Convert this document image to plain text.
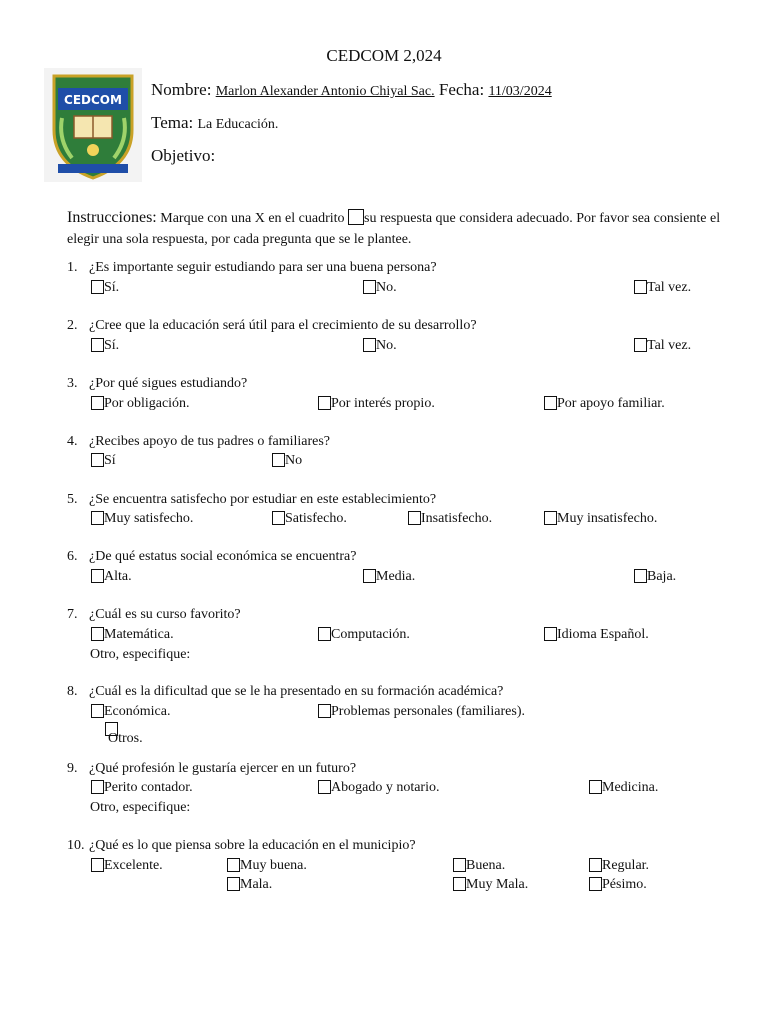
CEDCOM 2,024
CEDCOM
Nombre: Marlon Alexander Antonio Chiyal Sac. Fecha: 11/03/2024
Tema: La Educación.
Objetivo:
Instrucciones: Marque con una X en el cuadrito su respuesta que considera adecuado. Por favor sea consiente el elegir una sola respuesta, por cada pregunta que se le plantee.
1. ¿Es importante seguir estudiando para ser una buena persona?
Sí.	No.	Tal vez.
2. ¿Cree que la educación será útil para el crecimiento de su desarrollo?
Sí.	No.	Tal vez.
3. ¿Por qué sigues estudiando?
Por obligación.	Por interés propio.	Por apoyo familiar.
4. ¿Recibes apoyo de tus padres o familiares?
Sí	No
5. ¿Se encuentra satisfecho por estudiar en este establecimiento?
Muy satisfecho.	Satisfecho.	Insatisfecho.	Muy insatisfecho.
6. ¿De qué estatus social económica se encuentra?
Alta.	Media.	Baja.
7. ¿Cuál es su curso favorito?
Matemática.	Computación.	Idioma Español.
Otro, especifique:
8. ¿Cuál es la dificultad que se le ha presentado en su formación académica?
Económica.	Problemas personales (familiares).
Otros.
9. ¿Qué profesión le gustaría ejercer en un futuro?
Perito contador.	Abogado y notario.	Medicina.
Otro, especifique:
10. ¿Qué es lo que piensa sobre la educación en el municipio?
Excelente.	Muy buena.	Buena.	Regular.
Mala.	Muy Mala.	Pésimo.
